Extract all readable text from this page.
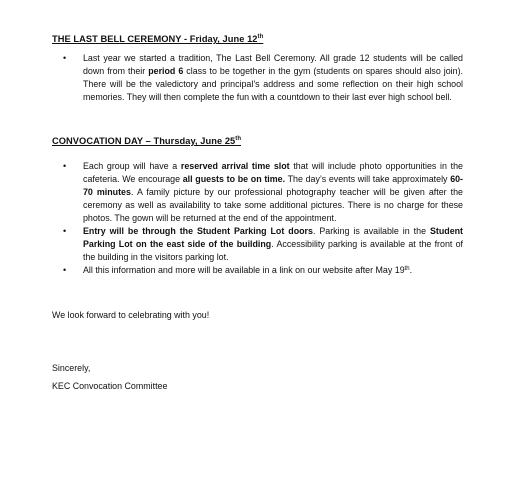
THE LAST BELL CEREMONY - Friday, June 12th
• Last year we started a tradition, The Last Bell Ceremony. All grade 12 students will be called down from their period 6 class to be together in the gym (students on spares should also join). There will be the valedictory and principal’s address and some reflection on their high school memories. They will then complete the fun with a countdown to their last ever high school bell.
CONVOCATION DAY – Thursday, June 25th
• Each group will have a reserved arrival time slot that will include photo opportunities in the cafeteria. We encourage all guests to be on time. The day’s events will take approximately 60-70 minutes. A family picture by our professional photography teacher will be given after the ceremony as well as availability to take some additional pictures. There is no charge for these photos. The gown will be returned at the end of the appointment.
• Entry will be through the Student Parking Lot doors. Parking is available in the Student Parking Lot on the east side of the building. Accessibility parking is available at the front of the building in the visitors parking lot.
• All this information and more will be available in a link on our website after May 19th.
We look forward to celebrating with you!
Sincerely,
KEC Convocation Committee
